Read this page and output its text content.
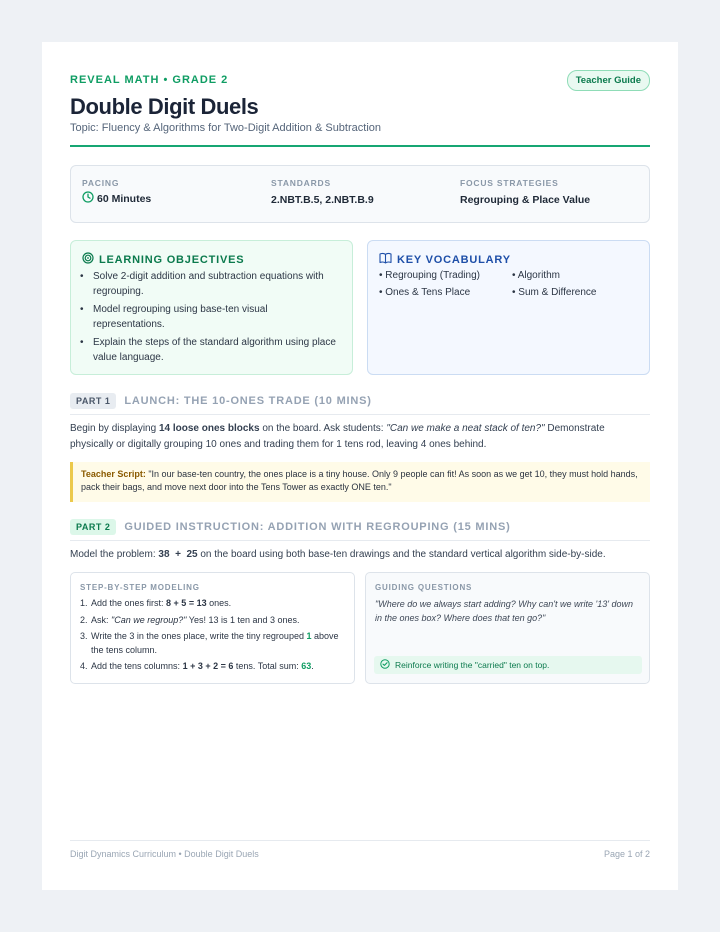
REVEAL MATH • GRADE 2	Teacher Guide
Double Digit Duels
Topic: Fluency & Algorithms for Two-Digit Addition & Subtraction
PACING
60 Minutes
STANDARDS
2.NBT.B.5, 2.NBT.B.9
FOCUS STRATEGIES
Regrouping & Place Value
LEARNING OBJECTIVES
• Solve 2-digit addition and subtraction equations with regrouping.
• Model regrouping using base-ten visual representations.
• Explain the steps of the standard algorithm using place value language.
KEY VOCABULARY
• Regrouping (Trading)	• Algorithm
• Ones & Tens Place	• Sum & Difference
PART 1	LAUNCH: THE 10-ONES TRADE (10 MINS)
Begin by displaying 14 loose ones blocks on the board. Ask students: "Can we make a neat stack of ten?" Demonstrate physically or digitally grouping 10 ones and trading them for 1 tens rod, leaving 4 ones behind.
Teacher Script: "In our base-ten country, the ones place is a tiny house. Only 9 people can fit! As soon as we get 10, they must hold hands, pack their bags, and move next door into the Tens Tower as exactly ONE ten."
PART 2	GUIDED INSTRUCTION: ADDITION WITH REGROUPING (15 MINS)
Model the problem: 38  +  25 on the board using both base-ten drawings and the standard vertical algorithm side-by-side.
STEP-BY-STEP MODELING
1. Add the ones first: 8 + 5 = 13 ones.
2. Ask: "Can we regroup?" Yes! 13 is 1 ten and 3 ones.
3. Write the 3 in the ones place, write the tiny regrouped 1 above the tens column.
4. Add the tens columns: 1 + 3 + 2 = 6 tens. Total sum: 63.
GUIDING QUESTIONS
"Where do we always start adding? Why can't we write '13' down in the ones box? Where does that ten go?"
Reinforce writing the "carried" ten on top.
Digit Dynamics Curriculum • Double Digit Duels	Page 1 of 2
